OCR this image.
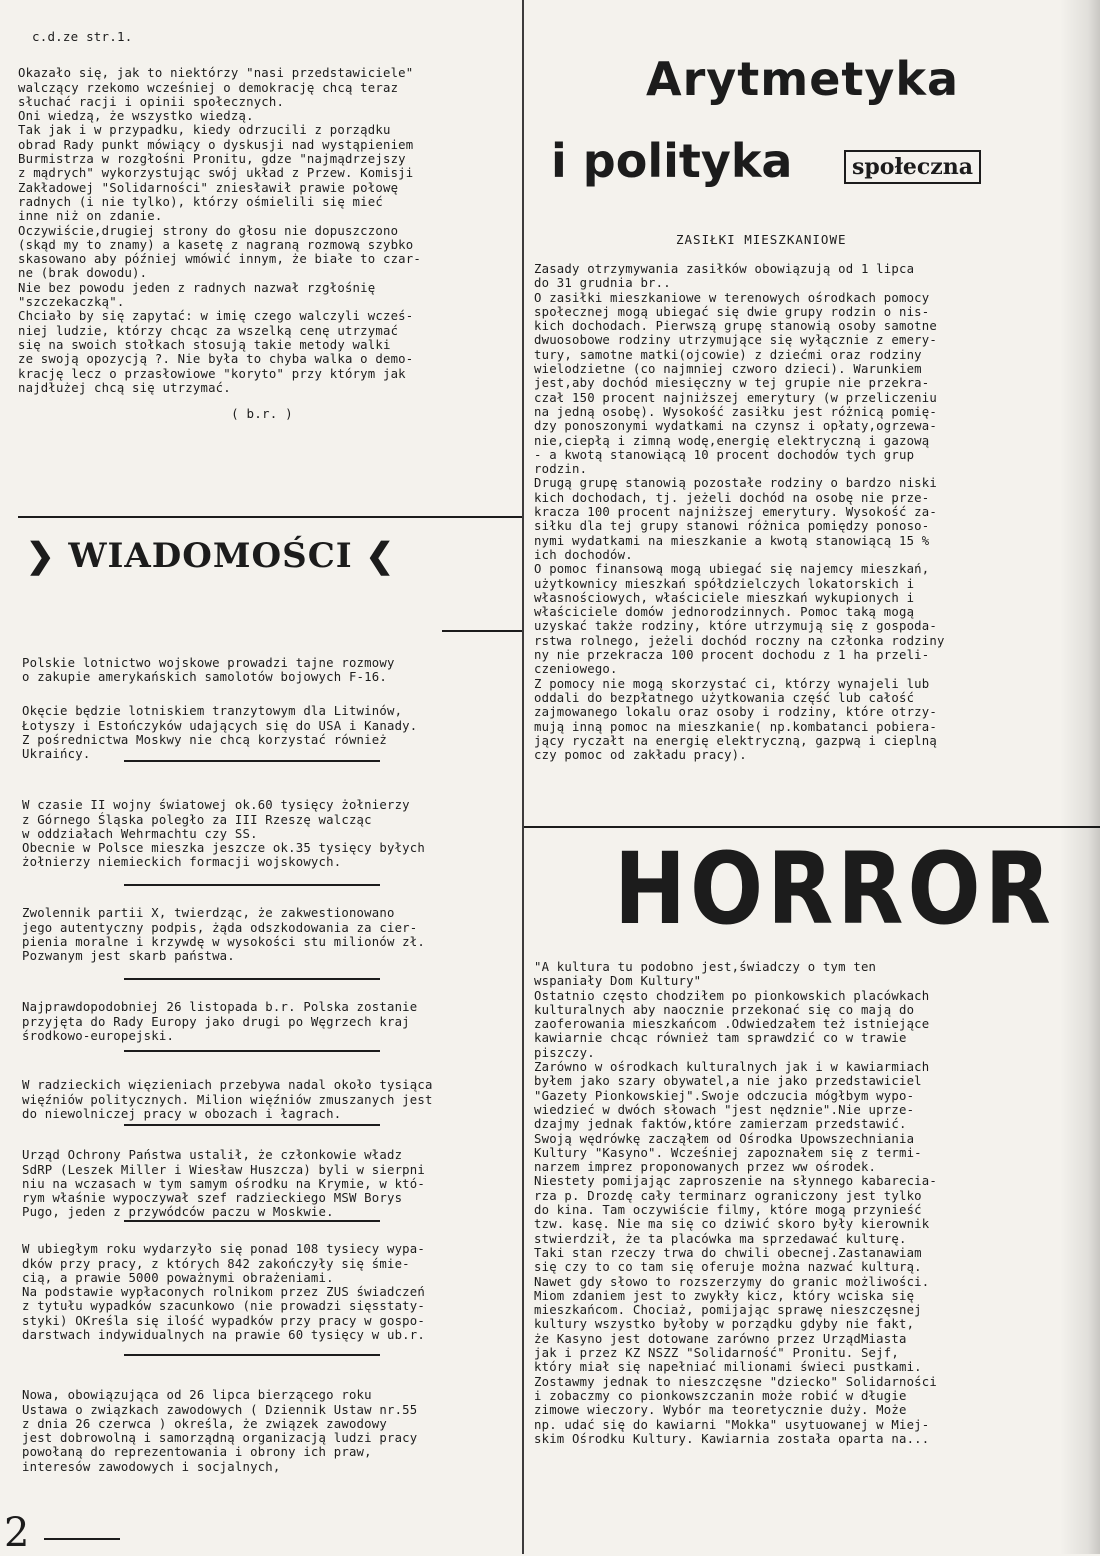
c.d.ze str.1.
Okazało się, jak to niektórzy "nasi przedstawiciele"
walczący rzekomo wcześniej o demokrację chcą teraz
słuchać racji i opinii społecznych.
Oni wiedzą, że wszystko wiedzą.
Tak jak i w przypadku, kiedy odrzucili z porządku
obrad Rady punkt mówiący o dyskusji nad wystąpieniem
Burmistrza w rozgłośni Pronitu, gdze "najmądrzejszy
z mądrych" wykorzystując swój układ z Przew. Komisji
Zakładowej "Solidarności" zniesławił prawie połowę
radnych (i nie tylko), którzy ośmielili się mieć
inne niż on zdanie.
Oczywiście,drugiej strony do głosu nie dopuszczono
(skąd my to znamy) a kasetę z nagraną rozmową szybko
skasowano aby później wmówić innym, że białe to czar-
ne (brak dowodu).
Nie bez powodu jeden z radnych nazwał rzgłośnię
"szczekaczką".
Chciało by się zapytać: w imię czego walczyli wcześ-
niej ludzie, którzy chcąc za wszelką cenę utrzymać
się na swoich stołkach stosują takie metody walki
ze swoją opozycją ?. Nie była to chyba walka o demo-
krację lecz o przasłowiowe "koryto" przy którym jak
najdłużej chcą się utrzymać.
( b.r. )
❯ WIADOMOŚCI ❮

Polskie lotnictwo wojskowe prowadzi tajne rozmowy
o zakupie amerykańskich samolotów bojowych F-16.

Okęcie będzie lotniskiem tranzytowym dla Litwinów,
Łotyszy i Estończyków udających się do USA i Kanady.
Z pośrednictwa Moskwy nie chcą korzystać również
Ukraińcy.

W czasie II wojny światowej ok.60 tysięcy żołnierzy
z Górnego Śląska poległo za III Rzeszę walcząc
w oddziałach Wehrmachtu czy SS.
Obecnie w Polsce mieszka jeszcze ok.35 tysięcy byłych
żołnierzy niemieckich formacji wojskowych.

Zwolennik partii X, twierdząc, że zakwestionowano
jego autentyczny podpis, żąda odszkodowania za cier-
pienia moralne i krzywdę w wysokości stu milionów zł.
Pozwanym jest skarb państwa.

Najprawdopodobniej 26 listopada b.r. Polska zostanie
przyjęta do Rady Europy jako drugi po Węgrzech kraj
środkowo-europejski.

W radzieckich więzieniach przebywa nadal około tysiąca
więźniów politycznych. Milion więźniów zmuszanych jest
do niewolniczej pracy w obozach i łagrach.

Urząd Ochrony Państwa ustalił, że członkowie władz
SdRP (Leszek Miller i Wiesław Huszcza) byli w sierpni
niu na wczasach w tym samym ośrodku na Krymie, w któ-
rym właśnie wypoczywał szef radzieckiego MSW Borys
Pugo, jeden z przywódców paczu w Moskwie.

W ubiegłym roku wydarzyło się ponad 108 tysiecy wypa-
dków przy pracy, z których 842 zakończyły się śmie-
cią, a prawie 5000 poważnymi obrażeniami.
Na podstawie wypłaconych rolnikom przez ZUS świadczeń
z tytułu wypadków szacunkowo (nie prowadzi sięsstaty-
styki) OKreśla się ilość wypadków przy pracy w gospo-
darstwach indywidualnych na prawie 60 tysięcy w ub.r.

Nowa, obowiązująca od 26 lipca bierzącego roku
Ustawa o związkach zawodowych ( Dziennik Ustaw nr.55
z dnia 26 czerwca ) określa, że związek zawodowy
jest dobrowolną i samorządną organizacją ludzi pracy
powołaną do reprezentowania i obrony ich praw,
interesów zawodowych i socjalnych,

Arytmetyka
i polityka	społeczna
ZASIŁKI MIESZKANIOWE
Zasady otrzymywania zasiłków obowiązują od 1 lipca
do 31 grudnia br..
O zasiłki mieszkaniowe w terenowych ośrodkach pomocy
społecznej mogą ubiegać się dwie grupy rodzin o nis-
kich dochodach. Pierwszą grupę stanowią osoby samotne
dwuosobowe rodziny utrzymujące się wyłącznie z emery-
tury, samotne matki(ojcowie) z dziećmi oraz rodziny
wielodzietne (co najmniej czworo dzieci). Warunkiem
jest,aby dochód miesięczny w tej grupie nie przekra-
czał 150 procent najniższej emerytury (w przeliczeniu
na jedną osobę). Wysokość zasiłku jest różnicą pomię-
dzy ponoszonymi wydatkami na czynsz i opłaty,ogrzewa-
nie,ciepłą i zimną wodę,energię elektryczną i gazową
- a kwotą stanowiącą 10 procent dochodów tych grup
rodzin.
Drugą grupę stanowią pozostałe rodziny o bardzo niski
kich dochodach, tj. jeżeli dochód na osobę nie prze-
kracza 100 procent najniższej emerytury. Wysokość za-
siłku dla tej grupy stanowi różnica pomiędzy ponoso-
nymi wydatkami na mieszkanie a kwotą stanowiącą 15 %
ich dochodów.
O pomoc finansową mogą ubiegać się najemcy mieszkań,
użytkownicy mieszkań spółdzielczych lokatorskich i
własnościowych, właściciele mieszkań wykupionych i
właściciele domów jednorodzinnych. Pomoc taką mogą
uzyskać także rodziny, które utrzymują się z gospoda-
rstwa rolnego, jeżeli dochód roczny na członka rodziny
ny nie przekracza 100 procent dochodu z 1 ha przeli-
czeniowego.
Z pomocy nie mogą skorzystać ci, którzy wynajeli lub
oddali do bezpłatnego użytkowania część lub całość
zajmowanego lokalu oraz osoby i rodziny, które otrzy-
mują inną pomoc na mieszkanie( np.kombatanci pobiera-
jący ryczałt na energię elektryczną, gazpwą i cieplną
czy pomoc od zakładu pracy).
HORROR
"A kultura tu podobno jest,świadczy o tym ten
wspaniały Dom Kultury"
Ostatnio często chodziłem po pionkowskich placówkach
kulturalnych aby naocznie przekonać się co mają do
zaoferowania mieszkańcom .Odwiedzałem też istniejące
kawiarnie chcąc również tam sprawdzić co w trawie
piszczy.
Zarówno w ośrodkach kulturalnych jak i w kawiarmiach
byłem jako szary obywatel,a nie jako przedstawiciel
"Gazety Pionkowskiej".Swoje odczucia mógłbym wypo-
wiedzieć w dwóch słowach "jest nędznie".Nie uprze-
dzajmy jednak faktów,które zamierzam przedstawić.
Swoją wędrówkę zacząłem od Ośrodka Upowszechniania
Kultury "Kasyno". Wcześniej zapoznałem się z termi-
narzem imprez proponowanych przez ww ośrodek.
Niestety pomijając zaproszenie na słynnego kabareciа-
rza p. Drozdę cały terminarz ograniczony jest tylko
do kina. Tam oczywiście filmy, które mogą przyniеść
tzw. kasę. Nie ma się co dziwić skoro były kierownik
stwierdził, że ta placówka ma sprzedawać kulturę.
Taki stan rzeczy trwa do chwili obecnej.Zastanawiam
się czy to co tam się oferuje można nazwać kulturą.
Nawet gdy słowo to rozszerzymy do granic możliwości.
Miom zdaniem jest to zwykły kicz, który wciska się
mieszkańcom. Chociaż, pomijając sprawę nieszczęsnej
kultury wszystko byłoby w porządku gdyby nie fakt,
że Kasyno jest dotowane zarówno przez UrządMiasta
jak i przez KZ NSZZ "Solidarność" Pronitu. Sejf,
który miał się napełniać milionami świeci pustkami.
Zostawmy jednak to nieszczęsne "dziecko" Solidarności
i zobaczmy co pionkowszczanin może robić w długie
zimowe wieczory. Wybór ma teoretycznie duży. Może
np. udać się do kawiarni "Mokka" usytuowanej w Miej-
skim Ośrodku Kultury. Kawiarnia została oparta na...
2
